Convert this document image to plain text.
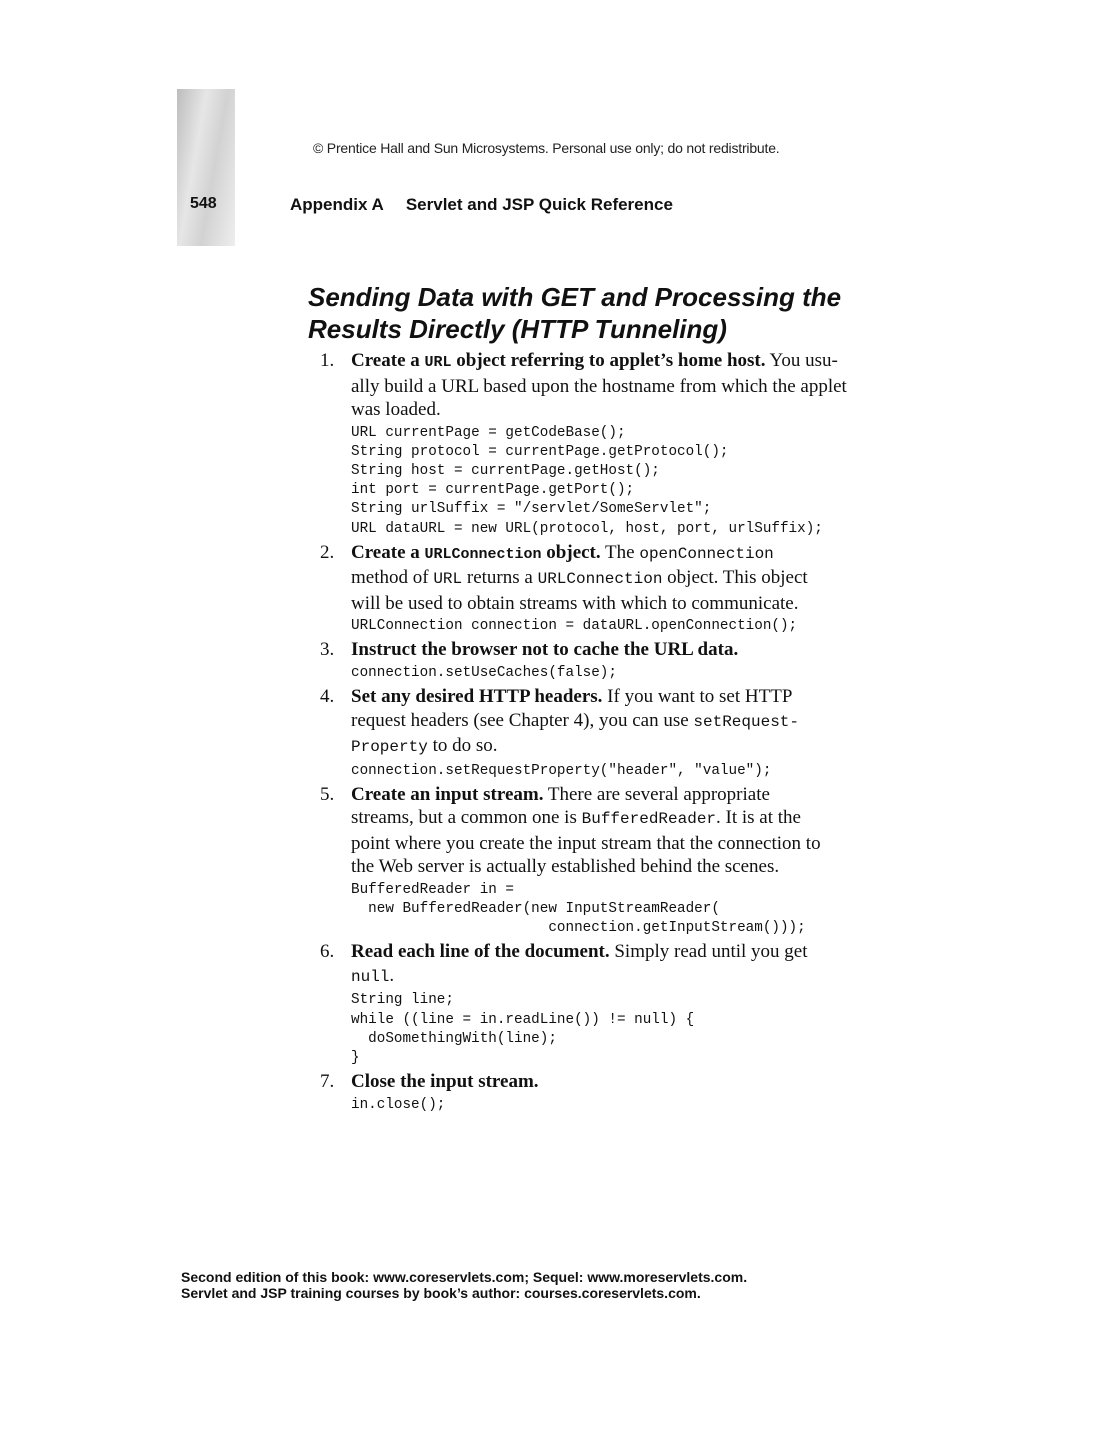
548
© Prentice Hall and Sun Microsystems. Personal use only; do not redistribute.
Appendix A Servlet and JSP Quick Reference
Sending Data with GET and Processing the
Results Directly (HTTP Tunneling)
1. Create a URL object referring to applet’s home host. You usu-
ally build a URL based upon the hostname from which the applet
was loaded.
URL currentPage = getCodeBase();
String protocol = currentPage.getProtocol();
String host = currentPage.getHost();
int port = currentPage.getPort();
String urlSuffix = "/servlet/SomeServlet";
URL dataURL = new URL(protocol, host, port, urlSuffix);
2. Create a URLConnection object. The openConnection
method of URL returns a URLConnection object. This object
will be used to obtain streams with which to communicate.
URLConnection connection = dataURL.openConnection();
3. Instruct the browser not to cache the URL data.
connection.setUseCaches(false);
4. Set any desired HTTP headers. If you want to set HTTP
request headers (see Chapter 4), you can use setRequest-
Property to do so.
connection.setRequestProperty("header", "value");
5. Create an input stream. There are several appropriate
streams, but a common one is BufferedReader. It is at the
point where you create the input stream that the connection to
the Web server is actually established behind the scenes.
BufferedReader in =
new BufferedReader(new InputStreamReader(
connection.getInputStream()));
6. Read each line of the document. Simply read until you get
null.
String line;
while ((line = in.readLine()) != null) {
doSomethingWith(line);
}
7. Close the input stream.
in.close();
Second edition of this book: www.coreservlets.com; Sequel: www.moreservlets.com.
Servlet and JSP training courses by book’s author: courses.coreservlets.com.
